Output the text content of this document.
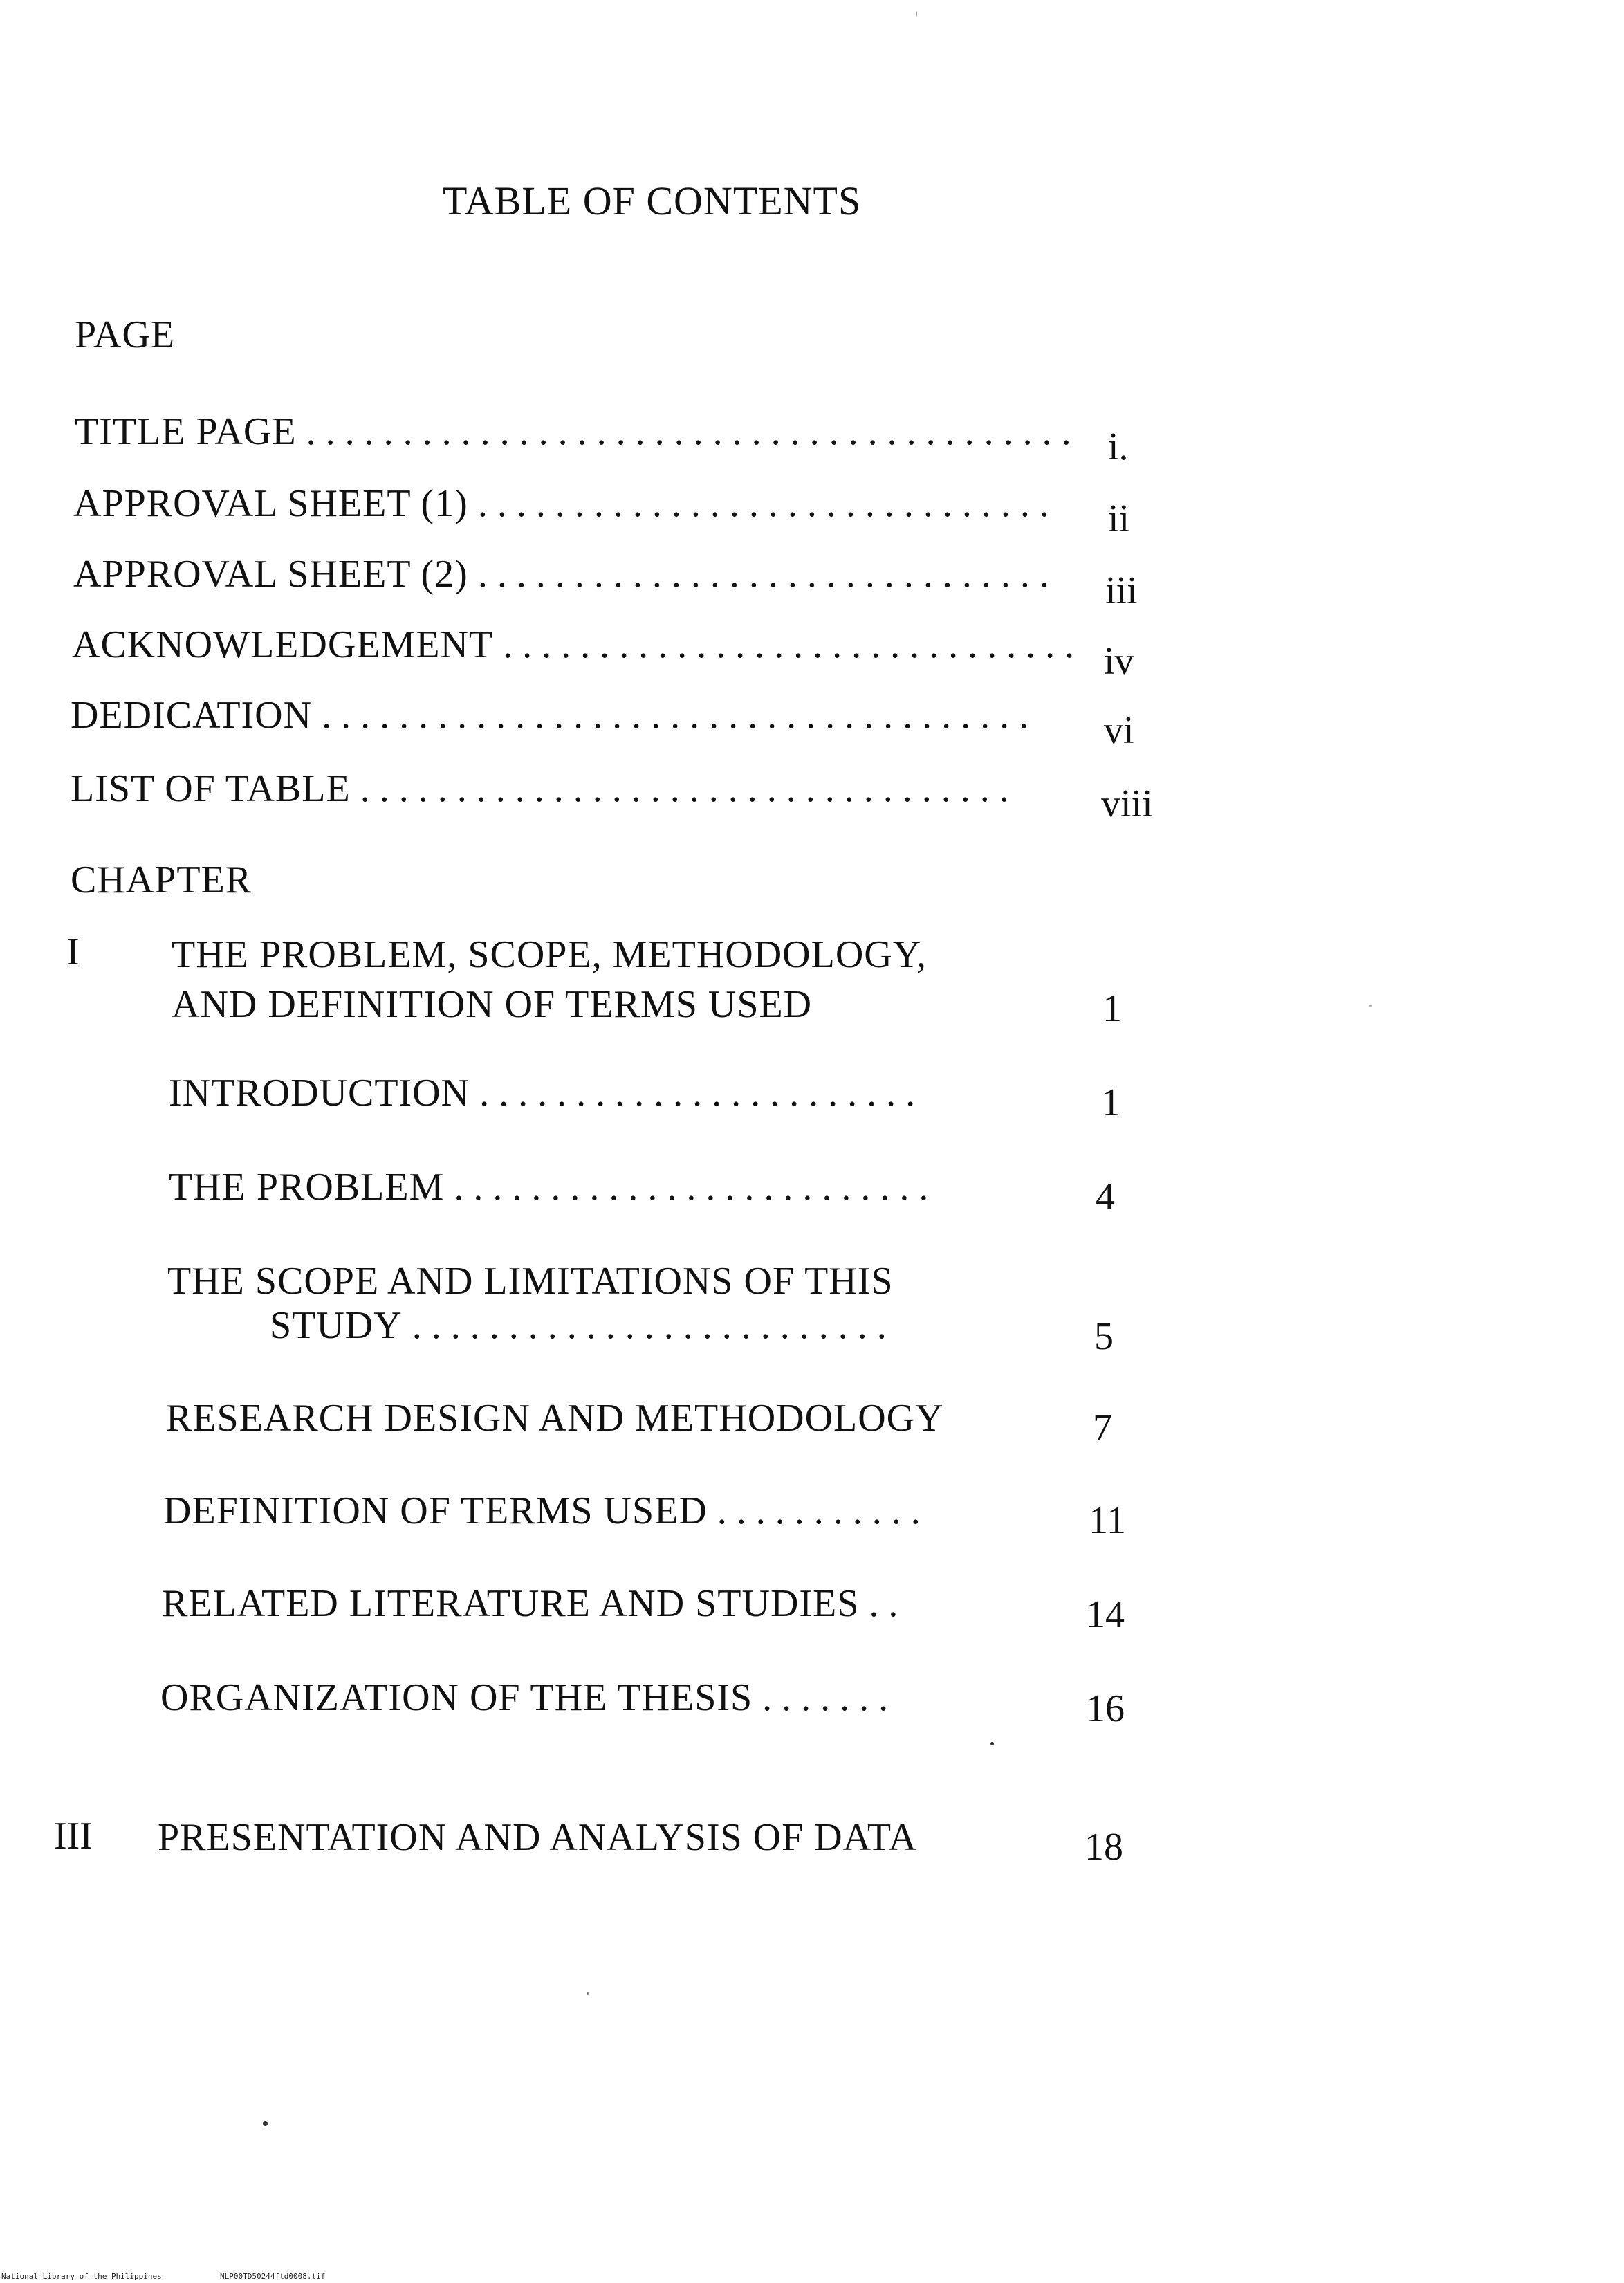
TABLE OF CONTENTS
PAGE
TITLE PAGE . . . . . . . . . . . . . . . . . . . . . . . . . . . . . . . . . . . . . . . . i.
APPROVAL SHEET (1) . . . . . . . . . . . . . . . . . . . . . . . . . . . . . . ii
APPROVAL SHEET (2) . . . . . . . . . . . . . . . . . . . . . . . . . . . . . . iii
ACKNOWLEDGEMENT . . . . . . . . . . . . . . . . . . . . . . . . . . . . . . iv
DEDICATION . . . . . . . . . . . . . . . . . . . . . . . . . . . . . . . . . . . . . vi
LIST OF TABLE . . . . . . . . . . . . . . . . . . . . . . . . . . . . . . . . . . viii
CHAPTER
I THE PROBLEM, SCOPE, METHODOLOGY,
AND DEFINITION OF TERMS USED	1
INTRODUCTION . . . . . . . . . . . . . . . . . . . . . . .	1
THE PROBLEM . . . . . . . . . . . . . . . . . . . . . . . . .	4
THE SCOPE AND LIMITATIONS OF THIS
STUDY . . . . . . . . . . . . . . . . . . . . . . . . .	5
RESEARCH DESIGN AND METHODOLOGY	7
DEFINITION OF TERMS USED . . . . . . . . . . .	11
RELATED LITERATURE AND STUDIES . .	14
ORGANIZATION OF THE THESIS . . . . . . .	16
III PRESENTATION AND ANALYSIS OF DATA	18
National Library of the Philippines	NLP00TD50244ftd0008.tif
